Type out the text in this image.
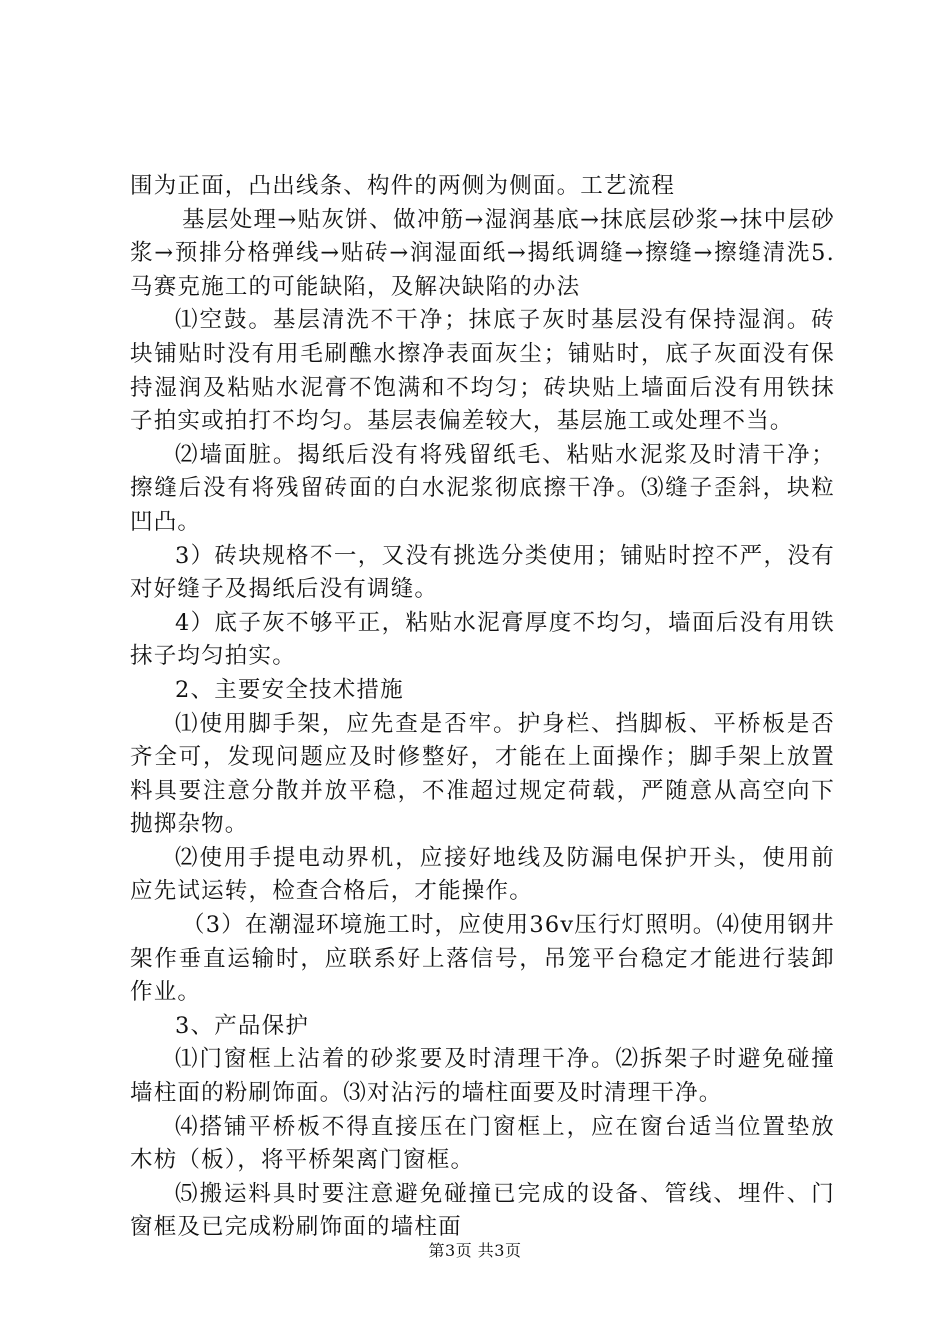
围为正面，凸出线条、构件的两侧为侧面。工艺流程

基层处理→贴灰饼、做冲筋→湿润基底→抹底层砂浆→抹中层砂浆→预排分格弹线→贴砖→润湿面纸→揭纸调缝→擦缝→擦缝清洗5.马赛克施工的可能缺陷，及解决缺陷的办法

⑴空鼓。基层清洗不干净；抹底子灰时基层没有保持湿润。砖块铺贴时没有用毛刷醮水擦净表面灰尘；铺贴时，底子灰面没有保持湿润及粘贴水泥膏不饱满和不均匀；砖块贴上墙面后没有用铁抹子拍实或拍打不均匀。基层表偏差较大，基层施工或处理不当。

⑵墙面脏。揭纸后没有将残留纸毛、粘贴水泥浆及时清干净；擦缝后没有将残留砖面的白水泥浆彻底擦干净。⑶缝子歪斜，块粒凹凸。

3）砖块规格不一，又没有挑选分类使用；铺贴时控不严，没有对好缝子及揭纸后没有调缝。

4）底子灰不够平正，粘贴水泥膏厚度不均匀，墙面后没有用铁抹子均匀拍实。

2、主要安全技术措施

⑴使用脚手架，应先查是否牢。护身栏、挡脚板、平桥板是否齐全可，发现问题应及时修整好，才能在上面操作；脚手架上放置料具要注意分散并放平稳，不准超过规定荷载，严随意从高空向下抛掷杂物。

⑵使用手提电动界机，应接好地线及防漏电保护开头，使用前应先试运转，检查合格后，才能操作。

（3）在潮湿环境施工时，应使用36v压行灯照明。⑷使用钢井架作垂直运输时，应联系好上落信号，吊笼平台稳定才能进行装卸作业。

3、产品保护

⑴门窗框上沾着的砂浆要及时清理干净。⑵拆架子时避免碰撞墙柱面的粉刷饰面。⑶对沾污的墙柱面要及时清理干净。

⑷搭铺平桥板不得直接压在门窗框上，应在窗台适当位置垫放木枋（板），将平桥架离门窗框。

⑸搬运料具时要注意避免碰撞已完成的设备、管线、埋件、门窗框及已完成粉刷饰面的墙柱面

第3页 共3页
